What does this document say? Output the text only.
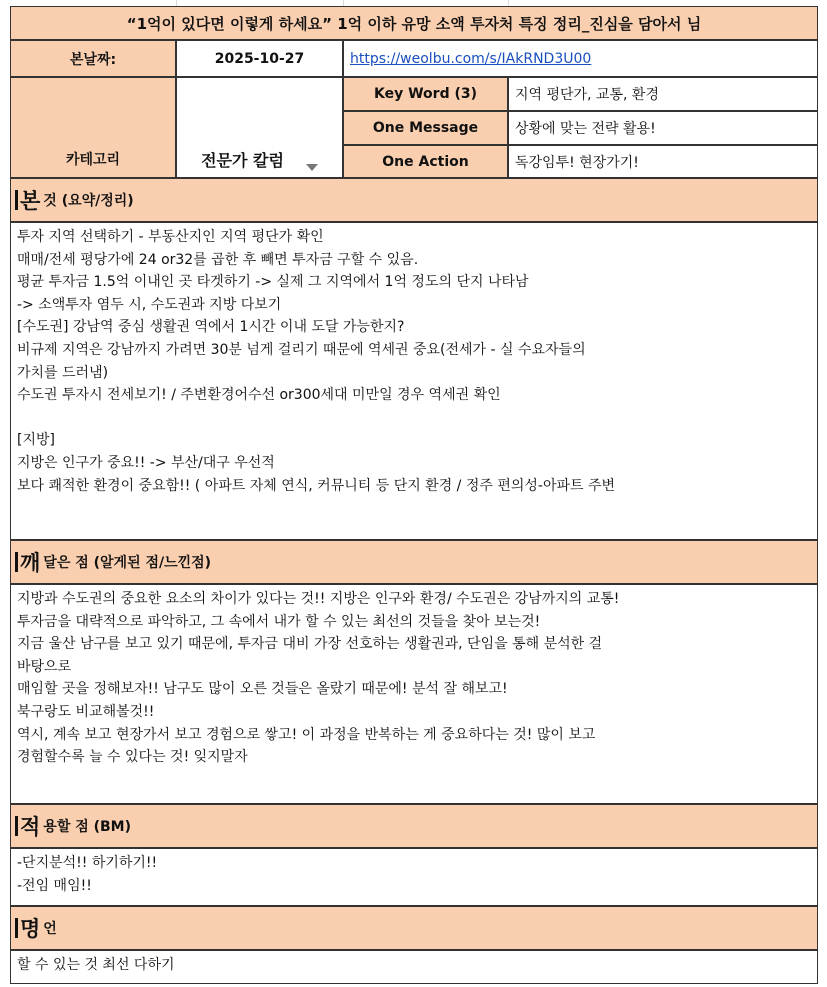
“1억이 있다면 이렇게 하세요” 1억 이하 유망 소액 투자처 특징 정리_진심을 담아서 님
본날짜:	2025-10-27	https://weolbu.com/s/IAkRND3U00
카테고리	전문가 칼럼
Key Word (3)	지역 평단가, 교통, 환경
One Message	상황에 맞는 전략 활용!
One Action	독강임투! 현장가기!
본 것 (요약/정리)
투자 지역 선택하기 - 부동산지인 지역 평단가 확인
매매/전세 평당가에 24 or32를 곱한 후 빼면 투자금 구할 수 있음.
평균 투자금 1.5억 이내인 곳 타겟하기 -> 실제 그 지역에서 1억 정도의 단지 나타남
-> 소액투자 염두 시, 수도권과 지방 다보기
[수도권] 강남역 중심 생활권 역에서 1시간 이내 도달 가능한지?
비규제 지역은 강남까지 가려면 30분 넘게 걸리기 때문에 역세권 중요(전세가 - 실 수요자들의
가치를 드러냄)
수도권 투자시 전세보기! / 주변환경어수선 or300세대 미만일 경우 역세권 확인
[지방]
지방은 인구가 중요!! -> 부산/대구 우선적
보다 쾌적한 환경이 중요함!! ( 아파트 자체 연식, 커뮤니티 등 단지 환경 / 정주 편의성-아파트 주변
깨 달은 점 (알게된 점/느낀점)
지방과 수도권의 중요한 요소의 차이가 있다는 것!! 지방은 인구와 환경/ 수도권은 강남까지의 교통!
투자금을 대략적으로 파악하고, 그 속에서 내가 할 수 있는 최선의 것들을 찾아 보는것!
지금 울산 남구를 보고 있기 때문에, 투자금 대비 가장 선호하는 생활권과, 단임을 통해 분석한 걸
바탕으로
매임할 곳을 정해보자!! 남구도 많이 오른 것들은 올랐기 때문에! 분석 잘 해보고!
북구랑도 비교해볼것!!
역시, 계속 보고 현장가서 보고 경험으로 쌓고! 이 과정을 반복하는 게 중요하다는 것! 많이 보고
경험할수록 늘 수 있다는 것! 잊지말자
적 용할 점 (BM)
-단지분석!! 하기하기!!
-전임 매임!!
명 언
할 수 있는 것 최선 다하기
